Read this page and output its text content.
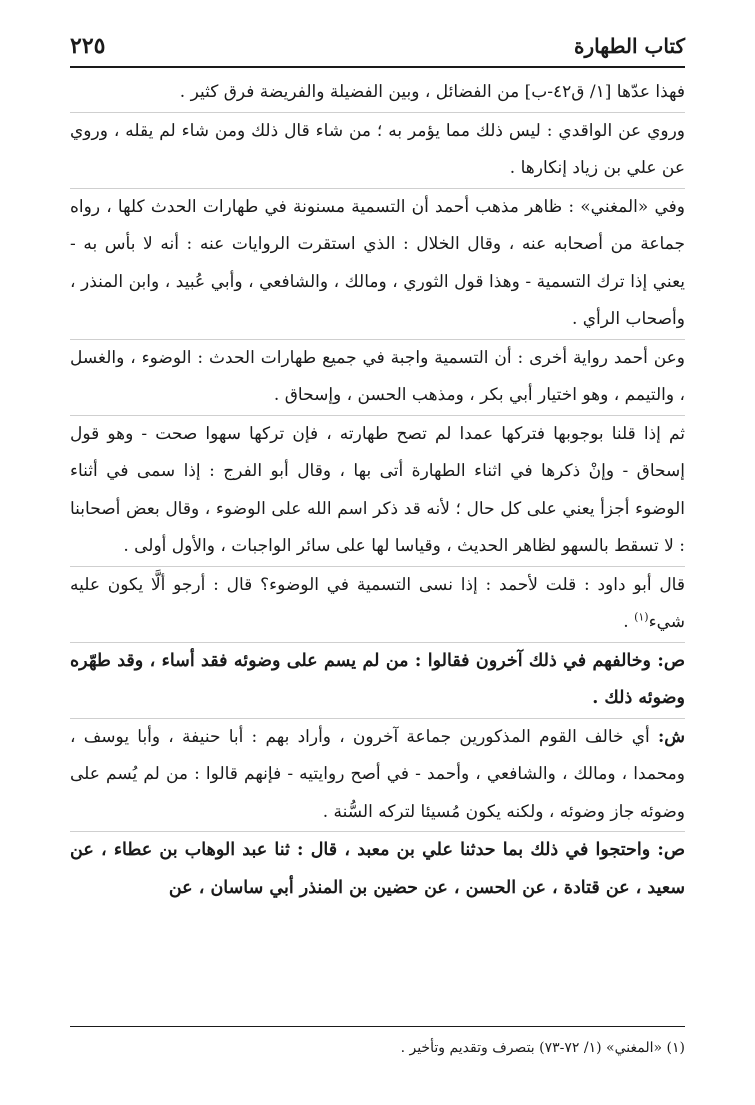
كتاب الطهارة
٢٢٥

فهذا عدّها [١/ ق٤٢-ب] من الفضائل ، وبين الفضيلة والفريضة فرق كثير .

وروي عن الواقدي : ليس ذلك مما يؤمر به ؛ من شاء قال ذلك ومن شاء لم يقله ، وروي عن علي بن زياد إنكارها .

وفي «المغني» : ظاهر مذهب أحمد أن التسمية مسنونة في طهارات الحدث كلها ، رواه جماعة من أصحابه عنه ، وقال الخلال : الذي استقرت الروايات عنه : أنه لا بأس به - يعني إذا ترك التسمية - وهذا قول الثوري ، ومالك ، والشافعي ، وأبي عُبيد ، وابن المنذر ، وأصحاب الرأي .

وعن أحمد رواية أخرى : أن التسمية واجبة في جميع طهارات الحدث : الوضوء ، والغسل ، والتيمم ، وهو اختيار أبي بكر ، ومذهب الحسن ، وإسحاق .

ثم إذا قلنا بوجوبها فتركها عمدا لم تصح طهارته ، فإن تركها سهوا صحت - وهو قول إسحاق - وإنْ ذكرها في اثناء الطهارة أتى بها ، وقال أبو الفرج : إذا سمى في أثناء الوضوء أجزأ يعني على كل حال ؛ لأنه قد ذكر اسم الله على الوضوء ، وقال بعض أصحابنا : لا تسقط بالسهو لظاهر الحديث ، وقياسا لها على سائر الواجبات ، والأول أولى .

قال أبو داود : قلت لأحمد : إذا نسى التسمية في الوضوء؟ قال : أرجو ألَّا يكون عليه شيء$^{(١)}$ .

ص: وخالفهم في ذلك آخرون فقالوا : من لم يسم على وضوئه فقد أساء ، وقد طهّره وضوئه ذلك .

ش: أي خالف القوم المذكورين جماعة آخرون ، وأراد بهم : أبا حنيفة ، وأبا يوسف ، ومحمدا ، ومالك ، والشافعي ، وأحمد - في أصح روايتيه - فإنهم قالوا : من لم يُسم على وضوئه جاز وضوئه ، ولكنه يكون مُسيئا لتركه السُّنة .

ص: واحتجوا في ذلك بما حدثنا علي بن معبد ، قال : ثنا عبد الوهاب بن عطاء ، عن سعيد ، عن قتادة ، عن الحسن ، عن حضين بن المنذر أبي ساسان ، عن

(١) «المغني» (١/ ٧٢-٧٣) بتصرف وتقديم وتأخير .
